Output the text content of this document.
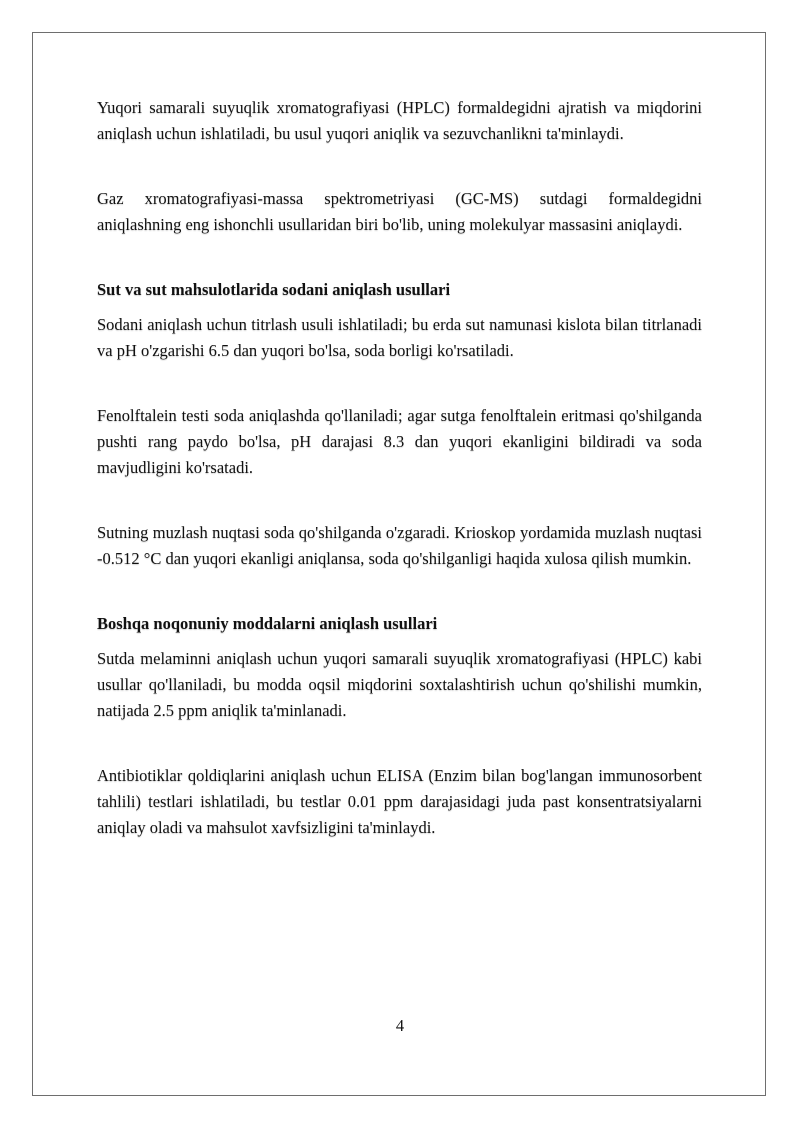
Yuqori samarali suyuqlik xromatografiyasi (HPLC) formaldegidni ajratish va miqdorini aniqlash uchun ishlatiladi, bu usul yuqori aniqlik va sezuvchanlikni ta'minlaydi.

Gaz xromatografiyasi-massa spektrometriyasi (GC-MS) sutdagi formaldegidni aniqlashning eng ishonchli usullaridan biri bo'lib, uning molekulyar massasini aniqlaydi.

Sut va sut mahsulotlarida sodani aniqlash usullari

Sodani aniqlash uchun titrlash usuli ishlatiladi; bu erda sut namunasi kislota bilan titrlanadi va pH o'zgarishi 6.5 dan yuqori bo'lsa, soda borligi ko'rsatiladi.

Fenolftalein testi soda aniqlashda qo'llaniladi; agar sutga fenolftalein eritmasi qo'shilganda pushti rang paydo bo'lsa, pH darajasi 8.3 dan yuqori ekanligini bildiradi va soda mavjudligini ko'rsatadi.

Sutning muzlash nuqtasi soda qo'shilganda o'zgaradi. Krioskop yordamida muzlash nuqtasi -0.512 °C dan yuqori ekanligi aniqlansa, soda qo'shilganligi haqida xulosa qilish mumkin.

Boshqa noqonuniy moddalarni aniqlash usullari

Sutda melaminni aniqlash uchun yuqori samarali suyuqlik xromatografiyasi (HPLC) kabi usullar qo'llaniladi, bu modda oqsil miqdorini soxtalashtirish uchun qo'shilishi mumkin, natijada 2.5 ppm aniqlik ta'minlanadi.

Antibiotiklar qoldiqlarini aniqlash uchun ELISA (Enzim bilan bog'langan immunosorbent tahlili) testlari ishlatiladi, bu testlar 0.01 ppm darajasidagi juda past konsentratsiyalarni aniqlay oladi va mahsulot xavfsizligini ta'minlaydi.

4
